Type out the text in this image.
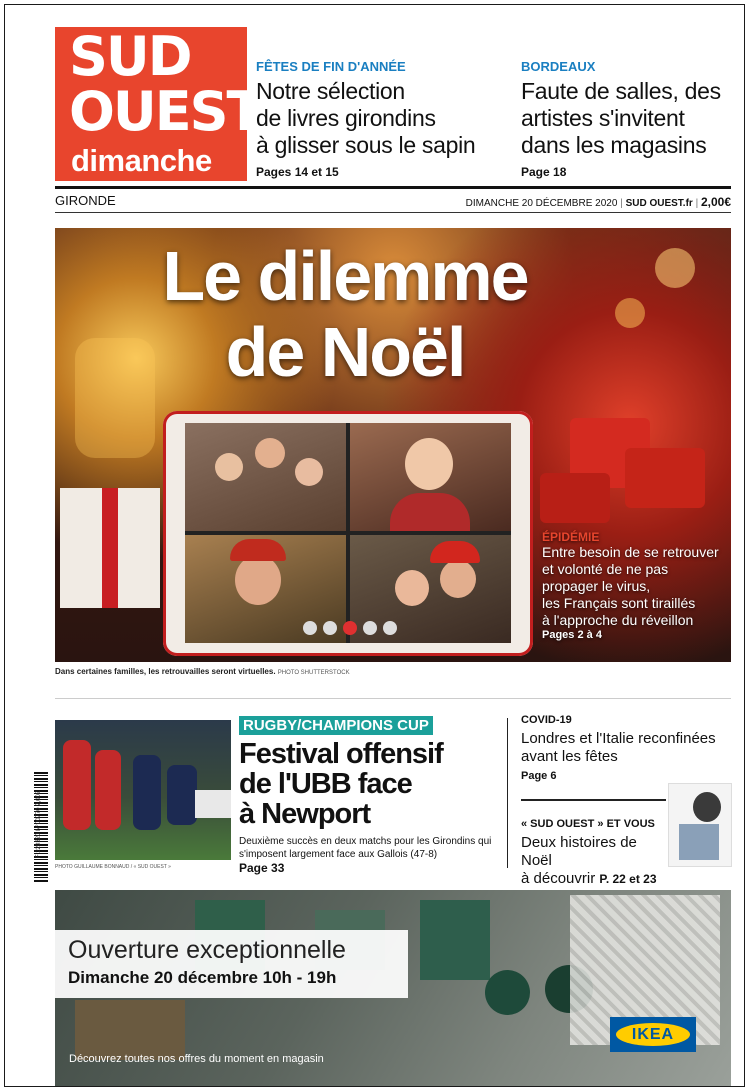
SUD
OUEST
dimanche
FÊTES DE FIN D'ANNÉE
Notre sélection
de livres girondins
à glisser sous le sapin
Pages 14 et 15
BORDEAUX
Faute de salles, des
artistes s'invitent
dans les magasins
Page 18
GIRONDE	DIMANCHE 20 DÉCEMBRE 2020 | SUD OUEST.fr | 2,00€
Le dilemme
de Noël
ÉPIDÉMIE
Entre besoin de se retrouver
et volonté de ne pas
propager le virus,
les Français sont tiraillés
à l'approche du réveillon
Pages 2 à 4
Dans certaines familles, les retrouvailles seront virtuelles. PHOTO SHUTTERSTOCK
PHOTO GUILLAUME BONNAUD / « SUD OUEST »
F 220320 N°00770 2,00€
RUGBY/CHAMPIONS CUP
Festival offensif
de l'UBB face
à Newport
Deuxième succès en deux matchs pour les Girondins qui
s'imposent largement face aux Gallois (47-8)
Page 33
COVID-19
Londres et l'Italie reconfinées
avant les fêtes
Page 6
« SUD OUEST » ET VOUS
Deux histoires de Noël
à découvrir P. 22 et 23
Ouverture exceptionnelle
Dimanche 20 décembre 10h - 19h
IKEA
Découvrez toutes nos offres du moment en magasin
